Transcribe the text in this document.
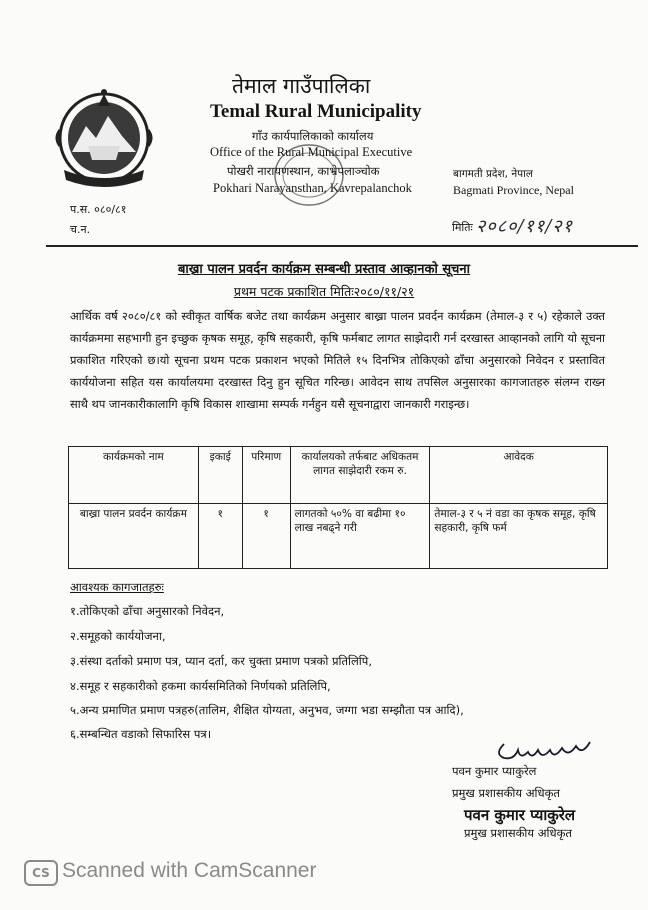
तेमाल गाउँपालिका
Temal Rural Municipality
गाँउ कार्यपालिकाको कार्यालय
Office of the Rural Municipal Executive
पोखरी नारायणस्थान, काभ्रेपलाञ्चोक
Pokhari Narayansthan, Kavrepalanchok
बागमती प्रदेश, नेपाल
Bagmati Province, Nepal
प.स. ०८०/८१
च.न.	मितिः २०८०/११/२१
बाख्रा पालन प्रवर्दन कार्यक्रम सम्बन्धी प्रस्ताव आव्हानको सूचना
प्रथम पटक प्रकाशित मितिः२०८०/११/२१
आर्थिक वर्ष २०८०/८१ को स्वीकृत वार्षिक बजेट तथा कार्यक्रम अनुसार बाख्रा पालन प्रवर्दन कार्यक्रम (तेमाल-३ र ५) रहेकाले उक्त कार्यक्रममा सहभागी हुन इच्छुक कृषक समूह, कृषि सहकारी, कृषि फर्मबाट लागत साझेदारी गर्न दरखास्त आव्हानको लागि यो सूचना प्रकाशित गरिएको छ।यो सूचना प्रथम पटक प्रकाशन भएको मितिले १५ दिनभित्र तोकिएको ढाँचा अनुसारको निवेदन र प्रस्तावित कार्ययोजना सहित यस कार्यालयमा दरखास्त दिनु हुन सूचित गरिन्छ। आवेदन साथ तपसिल अनुसारका कागजातहरु संलग्न राख्न साथै थप जानकारीकालागि कृषि विकास शाखामा सम्पर्क गर्नहुन यसै सूचनाद्वारा जानकारी गराइन्छ।
कार्यक्रमको नाम	इकाई	परिमाण	कार्यालयको तर्फबाट अधिकतम लागत साझेदारी रकम रु.	आवेदक
बाख्रा पालन प्रवर्दन कार्यक्रम	१	१	लागतको ५०% वा बढीमा १० लाख नबढ्ने गरी	तेमाल-३ र ५ नं वडा का कृषक समूह, कृषि सहकारी, कृषि फर्म
आवश्यक कागजातहरुः
१.तोकिएको ढाँचा अनुसारको निवेदन,
२.समूहको कार्ययोजना,
३.संस्था दर्ताको प्रमाण पत्र, प्यान दर्ता, कर चुक्ता प्रमाण पत्रको प्रतिलिपि,
४.समूह र सहकारीको हकमा कार्यसमितिको निर्णयको प्रतिलिपि,
५.अन्य प्रमाणित प्रमाण पत्रहरु(तालिम, शैक्षित योग्यता, अनुभव, जग्गा भडा सम्झौता पत्र आदि),
६.सम्बन्धित वडाको सिफारिस पत्र।
पवन कुमार प्याकुरेल
प्रमुख प्रशासकीय अधिकृत
पवन कुमार प्याकुरेल
प्रमुख प्रशासकीय अधिकृत
CS Scanned with CamScanner
